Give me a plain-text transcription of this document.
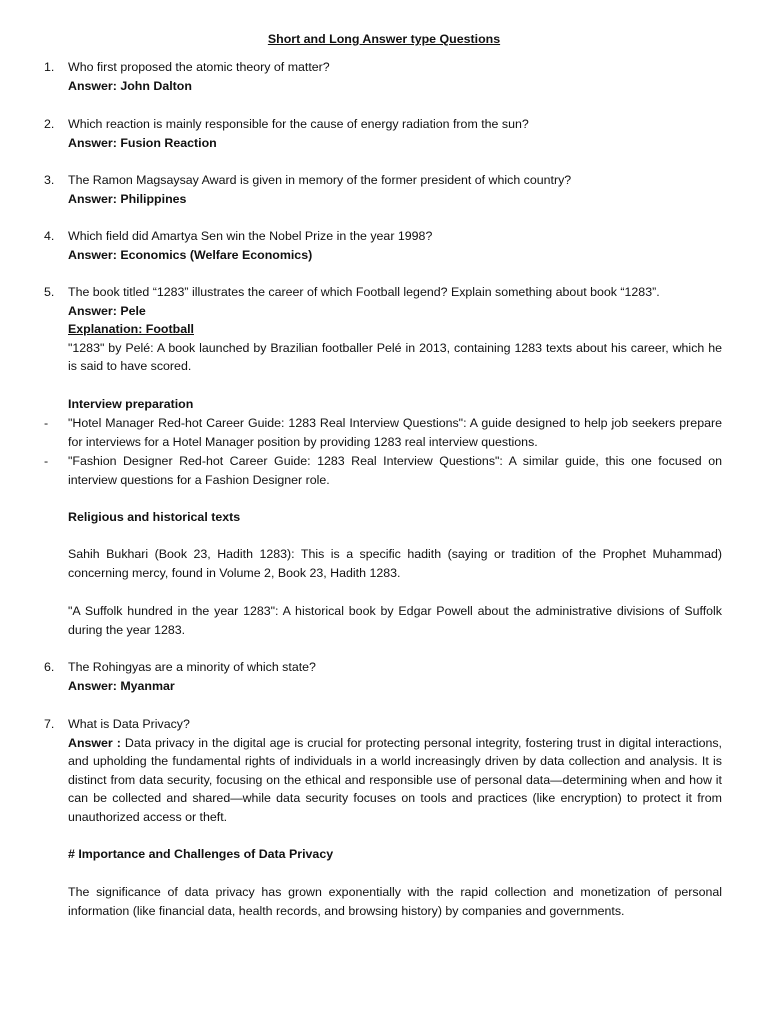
Short and Long Answer type Questions
1. Who first proposed the atomic theory of matter?
Answer: John Dalton
2. Which reaction is mainly responsible for the cause of energy radiation from the sun?
Answer: Fusion Reaction
3. The Ramon Magsaysay Award is given in memory of the former president of which country?
Answer: Philippines
4. Which field did Amartya Sen win the Nobel Prize in the year 1998?
Answer: Economics (Welfare Economics)
5. The book titled “1283” illustrates the career of which Football legend? Explain something about book “1283”.
Answer: Pele
Explanation: Football
"1283" by Pelé: A book launched by Brazilian footballer Pelé in 2013, containing 1283 texts about his career, which he is said to have scored.
Interview preparation
- "Hotel Manager Red-hot Career Guide: 1283 Real Interview Questions": A guide designed to help job seekers prepare for interviews for a Hotel Manager position by providing 1283 real interview questions.
- "Fashion Designer Red-hot Career Guide: 1283 Real Interview Questions": A similar guide, this one focused on interview questions for a Fashion Designer role.
Religious and historical texts
Sahih Bukhari (Book 23, Hadith 1283): This is a specific hadith (saying or tradition of the Prophet Muhammad) concerning mercy, found in Volume 2, Book 23, Hadith 1283.
"A Suffolk hundred in the year 1283": A historical book by Edgar Powell about the administrative divisions of Suffolk during the year 1283.
6. The Rohingyas are a minority of which state?
Answer: Myanmar
7. What is Data Privacy?
Answer : Data privacy in the digital age is crucial for protecting personal integrity, fostering trust in digital interactions, and upholding the fundamental rights of individuals in a world increasingly driven by data collection and analysis. It is distinct from data security, focusing on the ethical and responsible use of personal data—determining when and how it can be collected and shared—while data security focuses on tools and practices (like encryption) to protect it from unauthorized access or theft.
# Importance and Challenges of Data Privacy
The significance of data privacy has grown exponentially with the rapid collection and monetization of personal information (like financial data, health records, and browsing history) by companies and governments.
